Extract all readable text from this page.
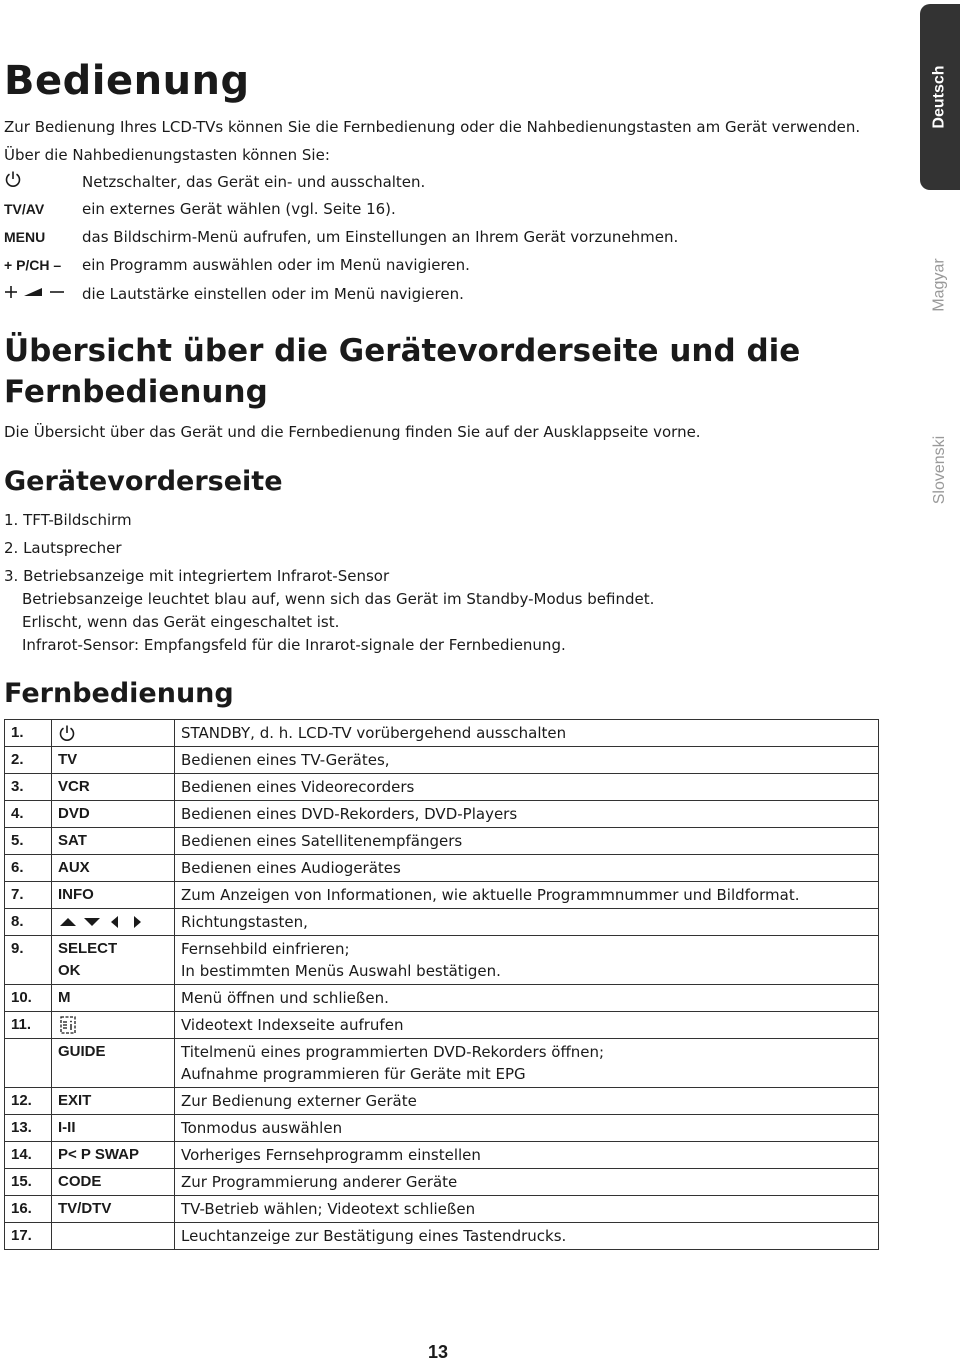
Deutsch
Magyar
Slovenski
Bedienung

Zur Bedienung Ihres LCD-TVs können Sie die Fernbedienung oder die Nahbedienungstasten am Gerät verwenden.

Über die Nahbedienungstasten können Sie:

Netzschalter, das Gerät ein- und ausschalten.
TV/AV	ein externes Gerät wählen (vgl. Seite 16).
MENU das Bildschirm-Menü aufrufen, um Einstellungen an Ihrem Gerät vorzunehmen.
+ P/CH – ein Programm auswählen oder im Menü navigieren.
die Lautstärke einstellen oder im Menü navigieren.
Übersicht über die Gerätevorderseite und die
Fernbedienung

Die Übersicht über das Gerät und die Fernbedienung finden Sie auf der Ausklappseite vorne.

Gerätevorderseite
1. TFT-Bildschirm
2. Lautsprecher
3. Betriebsanzeige mit integriertem Infrarot-Sensor
Betriebsanzeige leuchtet blau auf, wenn sich das Gerät im Standby-Modus befindet.
Erlischt, wenn das Gerät eingeschaltet ist.
Infrarot-Sensor: Empfangsfeld für die Inrarot-signale der Fernbedienung.
Fernbedienung
1.		STANDBY, d. h. LCD-TV vorübergehend ausschalten
2.	TV	Bedienen eines TV-Gerätes,
3.	VCR	Bedienen eines Videorecorders
4.	DVD	Bedienen eines DVD-Rekorders, DVD-Players
5.	SAT	Bedienen eines Satellitenempfängers
6.	AUX	Bedienen eines Audiogerätes
7.	INFO	Zum Anzeigen von Informationen, wie aktuelle Programmnummer und Bildformat.
8.		Richtungstasten,
9.	SELECT
OK	Fernsehbild einfrieren;
In bestimmten Menüs Auswahl bestätigen.
10.	M	Menü öffnen und schließen.
11.		Videotext Indexseite aufrufen
	GUIDE	Titelmenü eines programmierten DVD-Rekorders öffnen;
Aufnahme programmieren für Geräte mit EPG
12.	EXIT	Zur Bedienung externer Geräte
13.	I-II	Tonmodus auswählen
14.	P< P SWAP	Vorheriges Fernsehprogramm einstellen
15.	CODE	Zur Programmierung anderer Geräte
16.	TV/DTV	TV-Betrieb wählen; Videotext schließen
17.		Leuchtanzeige zur Bestätigung eines Tastendrucks.
13
